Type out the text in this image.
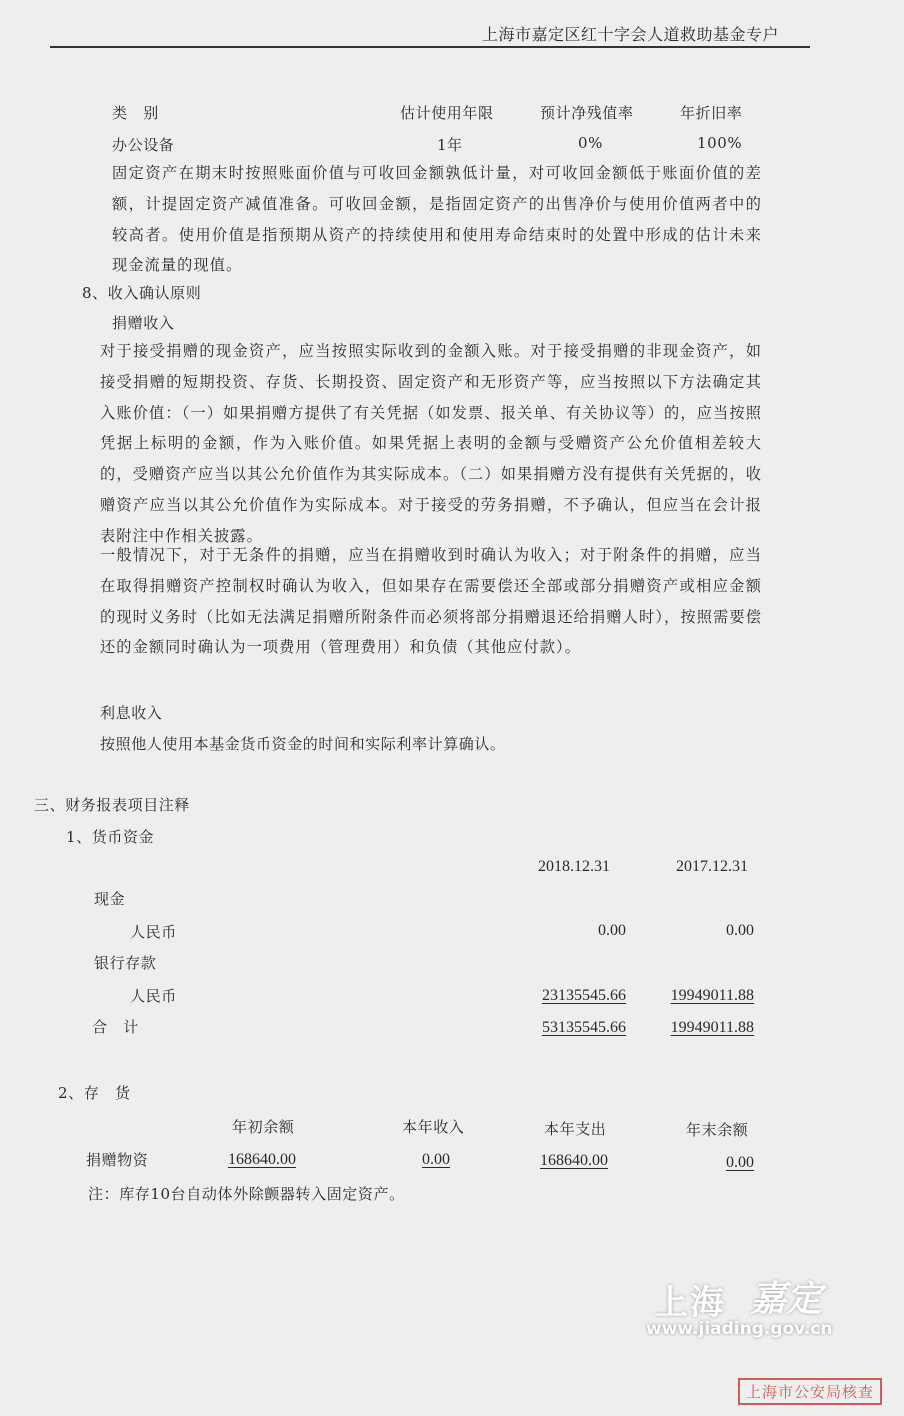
上海市嘉定区红十字会人道救助基金专户
类　别	估计使用年限	预计净残值率	年折旧率
办公设备	1年	0%	100%
固定资产在期末时按照账面价值与可收回金额孰低计量，对可收回金额低于账面价值的差额，计提固定资产减值准备。可收回金额，是指固定资产的出售净价与使用价值两者中的较高者。使用价值是指预期从资产的持续使用和使用寿命结束时的处置中形成的估计未来现金流量的现值。
8、收入确认原则
捐赠收入
对于接受捐赠的现金资产，应当按照实际收到的金额入账。对于接受捐赠的非现金资产，如接受捐赠的短期投资、存货、长期投资、固定资产和无形资产等，应当按照以下方法确定其入账价值：（一）如果捐赠方提供了有关凭据（如发票、报关单、有关协议等）的，应当按照凭据上标明的金额，作为入账价值。如果凭据上表明的金额与受赠资产公允价值相差较大的，受赠资产应当以其公允价值作为其实际成本。（二）如果捐赠方没有提供有关凭据的，收赠资产应当以其公允价值作为实际成本。对于接受的劳务捐赠，不予确认，但应当在会计报表附注中作相关披露。
一般情况下，对于无条件的捐赠，应当在捐赠收到时确认为收入；对于附条件的捐赠，应当在取得捐赠资产控制权时确认为收入，但如果存在需要偿还全部或部分捐赠资产或相应金额的现时义务时（比如无法满足捐赠所附条件而必须将部分捐赠退还给捐赠人时），按照需要偿还的金额同时确认为一项费用（管理费用）和负债（其他应付款）。
利息收入
按照他人使用本基金货币资金的时间和实际利率计算确认。
三、财务报表项目注释
1、货币资金
2018.12.31	2017.12.31
现金
人民币	0.00	0.00
银行存款
人民币	23135545.66	19949011.88
合　计	53135545.66	19949011.88
2、存　货
年初余额	本年收入	本年支出	年末余额
捐赠物资	168640.00	0.00	168640.00	0.00
注：库存10台自动体外除颤器转入固定资产。
上海 嘉定
www.jiading.gov.cn
上海市公安局核查
